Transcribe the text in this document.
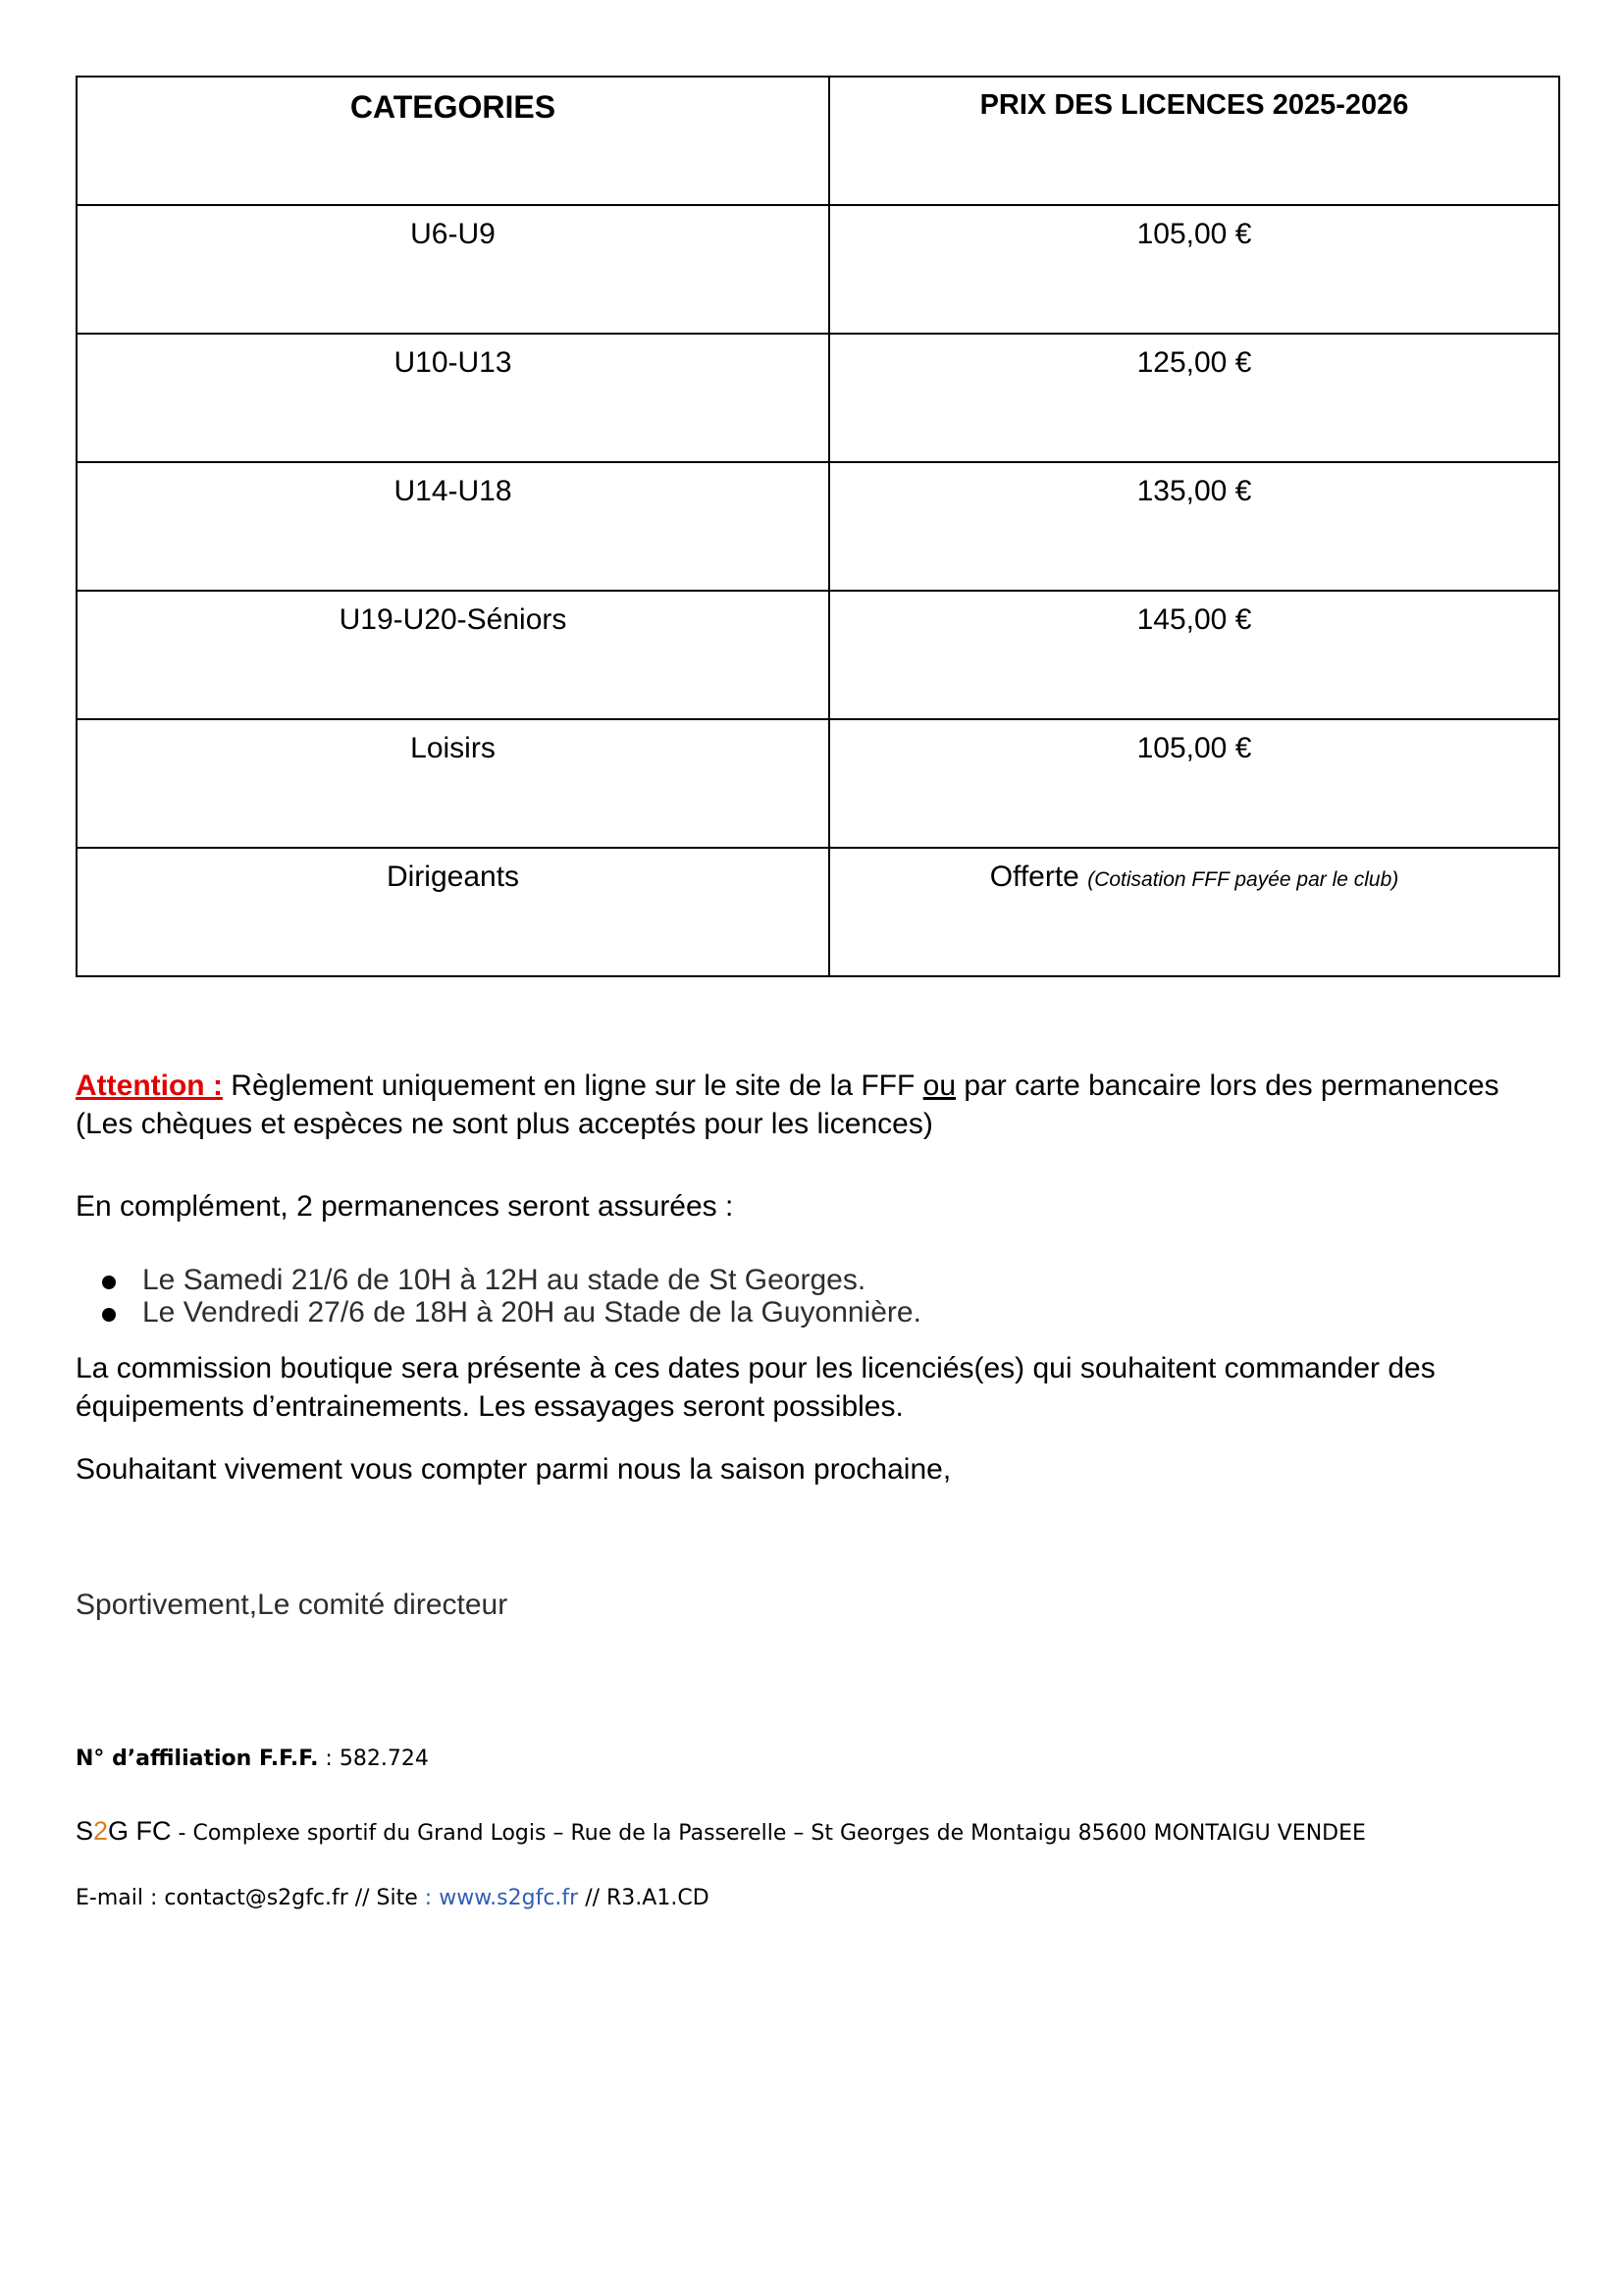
CATEGORIES	PRIX DES LICENCES 2025-2026

U6-U9	105,00 €

U10-U13	125,00 €

U14-U18	135,00 €

U19-U20-Séniors	145,00 €

Loisirs	105,00 €

Dirigeants	Offerte (Cotisation FFF payée par le club)
Attention : Règlement uniquement en ligne sur le site de la FFF ou par carte bancaire lors des permanences
(Les chèques et espèces ne sont plus acceptés pour les licences)
En complément, 2 permanences seront assurées :
Le Samedi 21/6 de 10H à 12H au stade de St Georges.
Le Vendredi 27/6 de 18H à 20H au Stade de la Guyonnière.
La commission boutique sera présente à ces dates pour les licenciés(es) qui souhaitent commander des
équipements d’entrainements. Les essayages seront possibles.
Souhaitant vivement vous compter parmi nous la saison prochaine,
Sportivement,Le comité directeur
N° d’affiliation F.F.F. : 582.724
S2G FC - Complexe sportif du Grand Logis – Rue de la Passerelle – St Georges de Montaigu 85600 MONTAIGU VENDEE
E-mail : contact@s2gfc.fr // Site : www.s2gfc.fr // R3.A1.CD
